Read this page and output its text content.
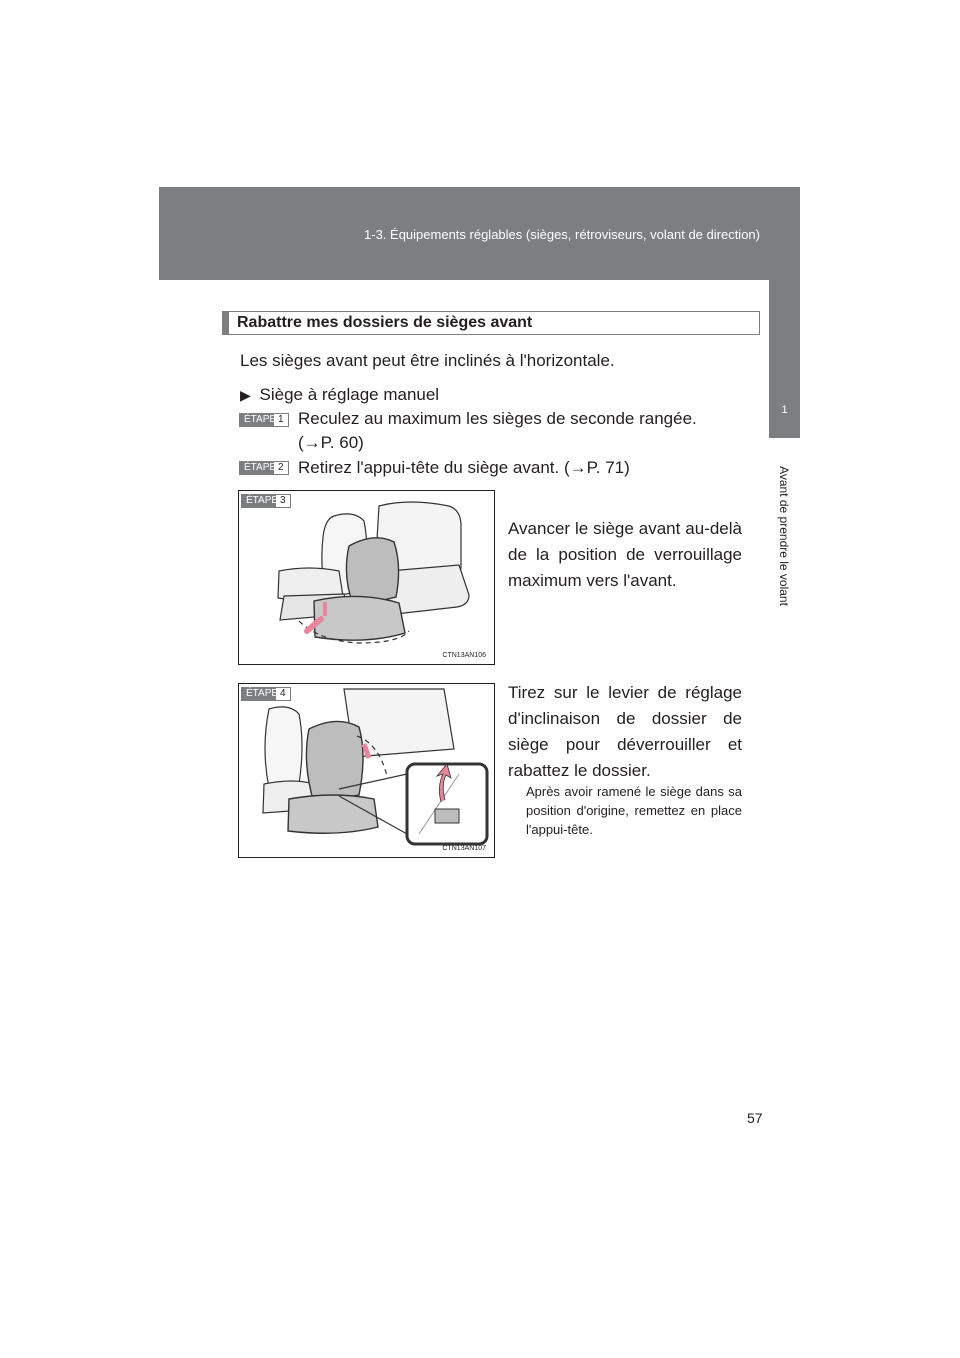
1-3. Équipements réglables (sièges, rétroviseurs, volant de direction)
1
Avant de prendre le volant
Rabattre mes dossiers de sièges avant
Les sièges avant peut être inclinés à l'horizontale.
▶ Siège à réglage manuel
ÉTAPE 1 Reculez au maximum les sièges de seconde rangée.
(→P. 60)
ÉTAPE 2 Retirez l'appui-tête du siège avant. (→P. 71)
ÉTAPE 3
CTN13AN106
Avancer le siège avant au-delà de la position de verrouillage maximum vers l'avant.
ÉTAPE 4
CTN13AN107
Tirez sur le levier de réglage d'inclinaison de dossier de siège pour déverrouiller et rabattez le dossier.
Après avoir ramené le siège dans sa position d'origine, remettez en place l'appui-tête.
57
